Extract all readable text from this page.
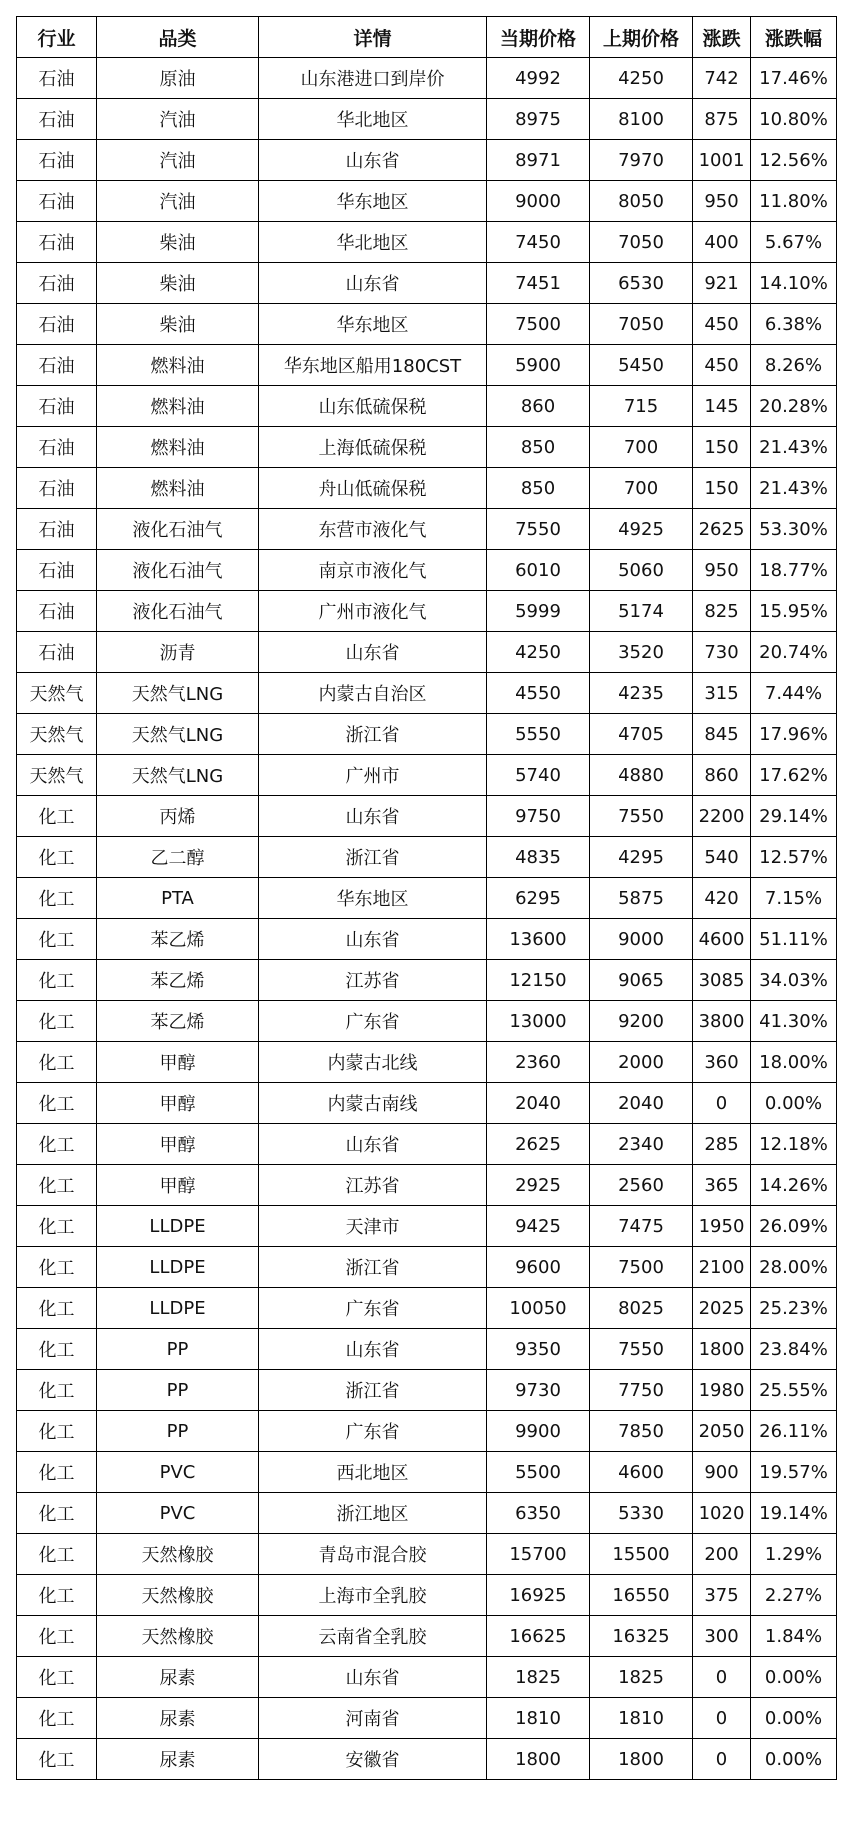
行业	品类	详情	当期价格	上期价格	涨跌	涨跌幅
石油	原油	山东港进口到岸价	4992	4250	742	17.46%
石油	汽油	华北地区	8975	8100	875	10.80%
石油	汽油	山东省	8971	7970	1001	12.56%
石油	汽油	华东地区	9000	8050	950	11.80%
石油	柴油	华北地区	7450	7050	400	5.67%
石油	柴油	山东省	7451	6530	921	14.10%
石油	柴油	华东地区	7500	7050	450	6.38%
石油	燃料油	华东地区船用180CST	5900	5450	450	8.26%
石油	燃料油	山东低硫保税	860	715	145	20.28%
石油	燃料油	上海低硫保税	850	700	150	21.43%
石油	燃料油	舟山低硫保税	850	700	150	21.43%
石油	液化石油气	东营市液化气	7550	4925	2625	53.30%
石油	液化石油气	南京市液化气	6010	5060	950	18.77%
石油	液化石油气	广州市液化气	5999	5174	825	15.95%
石油	沥青	山东省	4250	3520	730	20.74%
天然气	天然气LNG	内蒙古自治区	4550	4235	315	7.44%
天然气	天然气LNG	浙江省	5550	4705	845	17.96%
天然气	天然气LNG	广州市	5740	4880	860	17.62%
化工	丙烯	山东省	9750	7550	2200	29.14%
化工	乙二醇	浙江省	4835	4295	540	12.57%
化工	PTA	华东地区	6295	5875	420	7.15%
化工	苯乙烯	山东省	13600	9000	4600	51.11%
化工	苯乙烯	江苏省	12150	9065	3085	34.03%
化工	苯乙烯	广东省	13000	9200	3800	41.30%
化工	甲醇	内蒙古北线	2360	2000	360	18.00%
化工	甲醇	内蒙古南线	2040	2040	0	0.00%
化工	甲醇	山东省	2625	2340	285	12.18%
化工	甲醇	江苏省	2925	2560	365	14.26%
化工	LLDPE	天津市	9425	7475	1950	26.09%
化工	LLDPE	浙江省	9600	7500	2100	28.00%
化工	LLDPE	广东省	10050	8025	2025	25.23%
化工	PP	山东省	9350	7550	1800	23.84%
化工	PP	浙江省	9730	7750	1980	25.55%
化工	PP	广东省	9900	7850	2050	26.11%
化工	PVC	西北地区	5500	4600	900	19.57%
化工	PVC	浙江地区	6350	5330	1020	19.14%
化工	天然橡胶	青岛市混合胶	15700	15500	200	1.29%
化工	天然橡胶	上海市全乳胶	16925	16550	375	2.27%
化工	天然橡胶	云南省全乳胶	16625	16325	300	1.84%
化工	尿素	山东省	1825	1825	0	0.00%
化工	尿素	河南省	1810	1810	0	0.00%
化工	尿素	安徽省	1800	1800	0	0.00%
